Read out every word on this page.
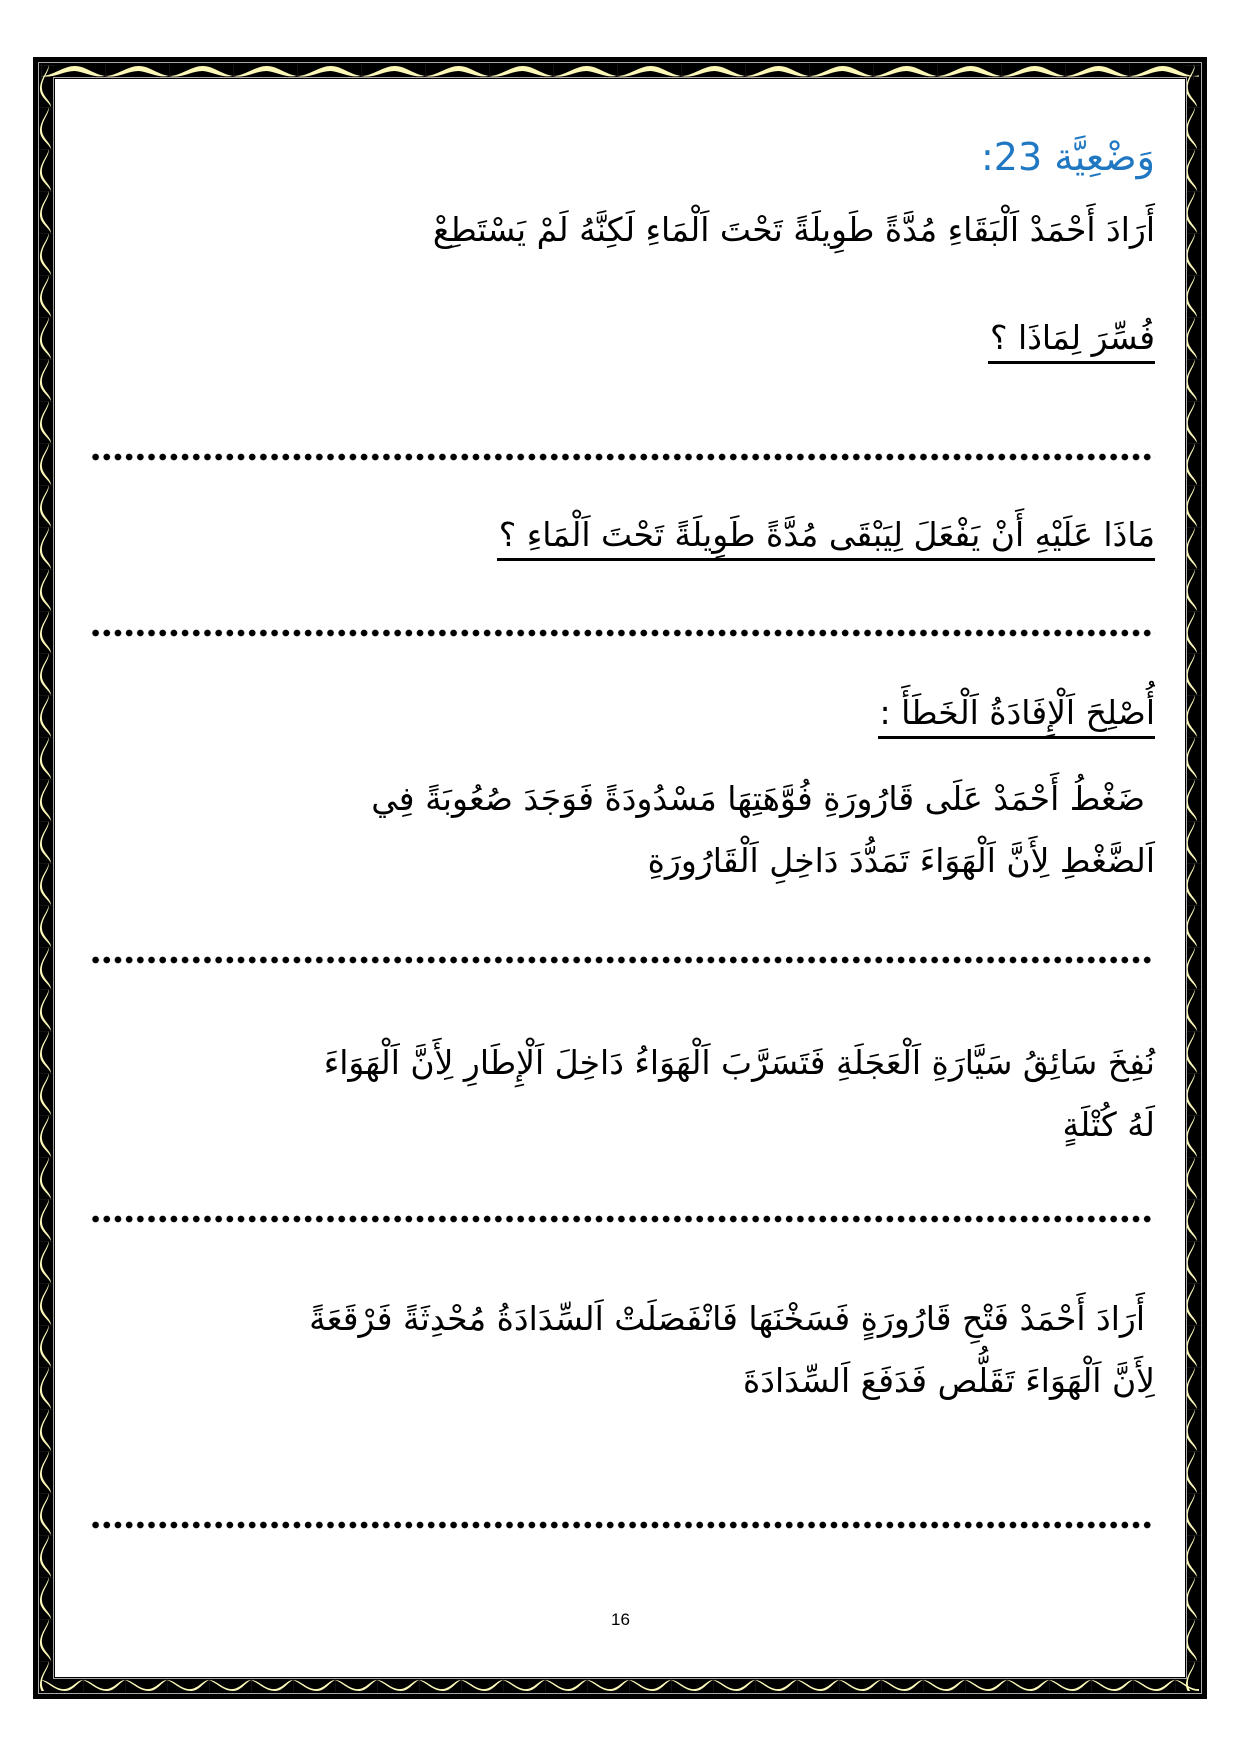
وَضْعِيَّة 23:
أَرَادَ أَحْمَدْ اَلْبَقَاءِ مُدَّةً طَوِيلَةً تَحْتَ اَلْمَاءِ لَكِنَّهُ لَمْ يَسْتَطِعْ
فُسِّرَ لِمَاذَا ؟
مَاذَا عَلَيْهِ أَنْ يَفْعَلَ لِيَبْقَى مُدَّةً طَوِيلَةً تَحْتَ اَلْمَاءِ ؟
أُصْلِحَ اَلْإِفَادَةُ اَلْخَطَأَ :
ضَغْطُ أَحْمَدْ عَلَى قَارُورَةِ فُوَّهَتِهَا مَسْدُودَةً فَوَجَدَ صُعُوبَةً فِي
اَلضَّغْطِ لِأَنَّ اَلْهَوَاءَ تَمَدُّدَ دَاخِلِ اَلْقَارُورَةِ
نُفِخَ سَائِقُ سَيَّارَةِ اَلْعَجَلَةِ فَتَسَرَّبَ اَلْهَوَاءُ دَاخِلَ اَلْإِطَارِ لِأَنَّ اَلْهَوَاءَ
لَهُ كُتْلَةٍ
أَرَادَ أَحْمَدْ فَتْحِ قَارُورَةٍ فَسَخْنَهَا فَانْفَصَلَتْ اَلسِّدَادَةُ مُحْدِثَةً فَرْقَعَةً
لِأَنَّ اَلْهَوَاءَ تَقَلُّص فَدَفَعَ اَلسِّدَادَةَ
16
